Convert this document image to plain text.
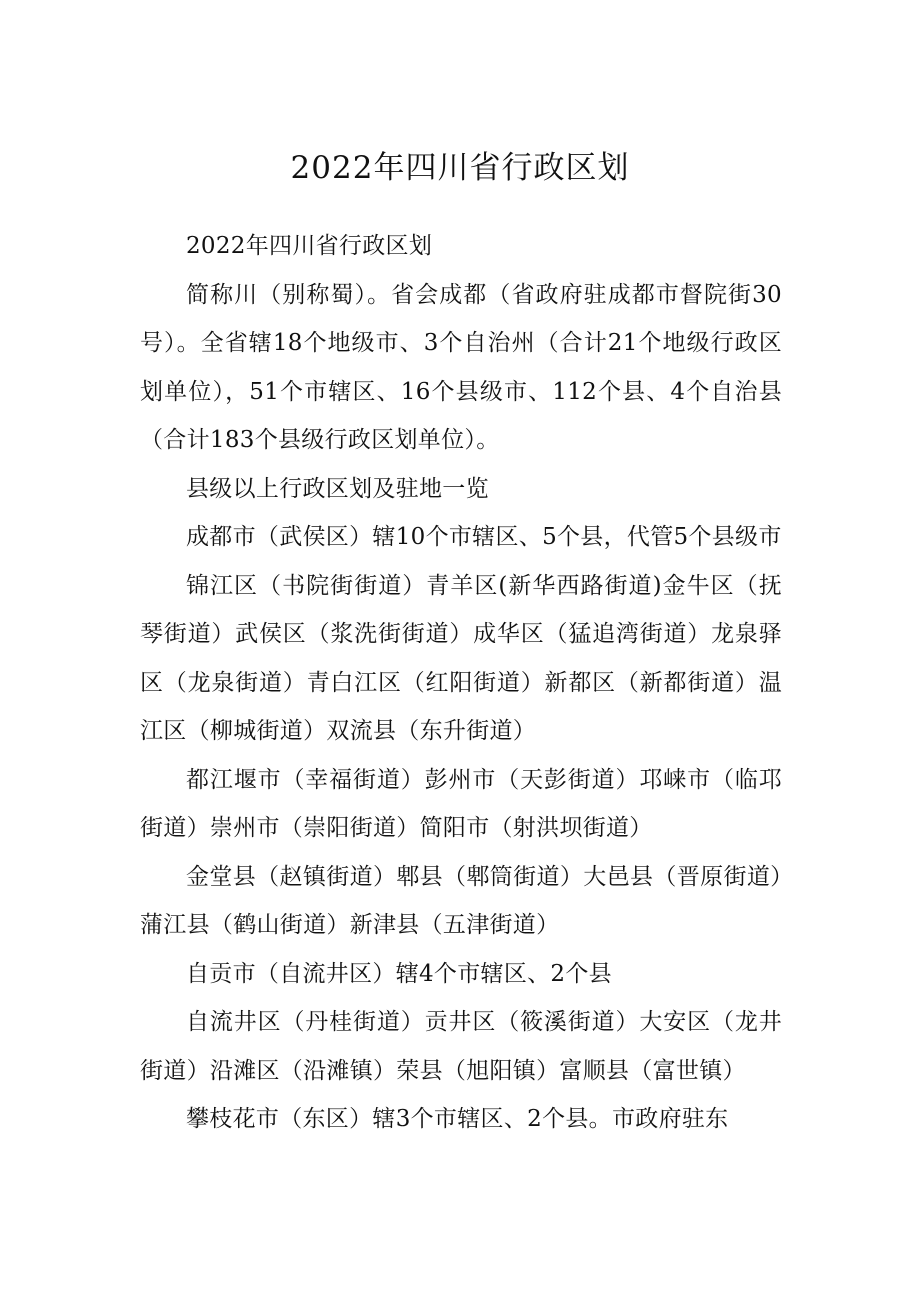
2022年四川省行政区划

2022年四川省行政区划

简称川（别称蜀）。省会成都（省政府驻成都市督院街30号）。全省辖18个地级市、3个自治州（合计21个地级行政区划单位），51个市辖区、16个县级市、112个县、4个自治县（合计183个县级行政区划单位）。

县级以上行政区划及驻地一览

成都市（武侯区）辖10个市辖区、5个县，代管5个县级市

锦江区（书院街街道）青羊区(新华西路街道)金牛区（抚琴街道）武侯区（浆洗街街道）成华区（猛追湾街道）龙泉驿区（龙泉街道）青白江区（红阳街道）新都区（新都街道）温江区（柳城街道）双流县（东升街道）

都江堰市（幸福街道）彭州市（天彭街道）邛崃市（临邛街道）崇州市（崇阳街道）简阳市（射洪坝街道）

金堂县（赵镇街道）郫县（郫筒街道）大邑县（晋原街道）蒲江县（鹤山街道）新津县（五津街道）

自贡市（自流井区）辖4个市辖区、2个县

自流井区（丹桂街道）贡井区（筱溪街道）大安区（龙井街道）沿滩区（沿滩镇）荣县（旭阳镇）富顺县（富世镇）

攀枝花市（东区）辖3个市辖区、2个县。市政府驻东
